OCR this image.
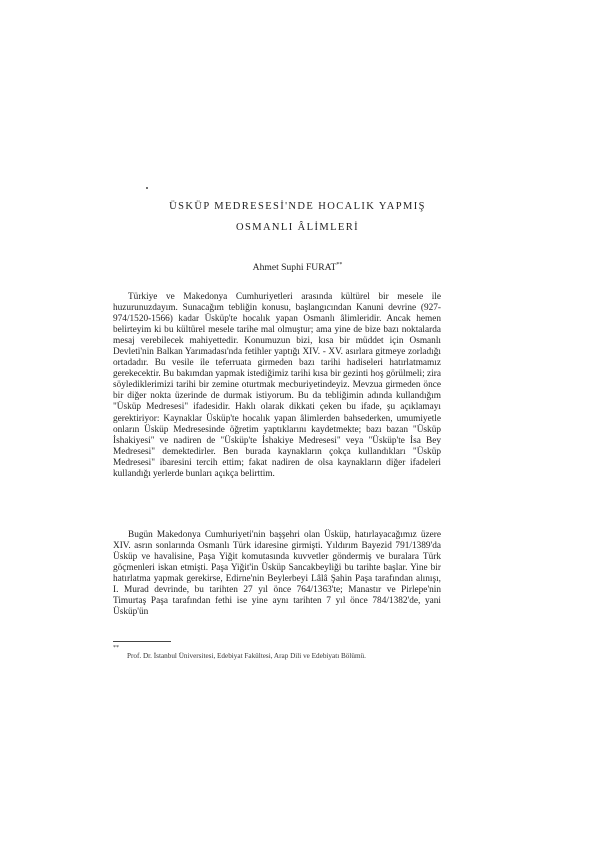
ÜSKÜP MEDRESESİ'NDE HOCALIK YAPMIŞ
OSMANLI ÂLİMLERİ
Ahmet Suphi FURAT**

Türkiye ve Makedonya Cumhuriyetleri arasında kültürel bir mesele ile huzurunuzdayım. Sunacağım tebliğin konusu, başlangıcından Kanuni devrine (927-974/1520-1566) kadar Üsküp'te hocalık yapan Osmanlı âlimleridir. Ancak hemen belirteyim ki bu kültürel mesele tarihe mal olmuştur; ama yine de bize bazı noktalarda mesaj verebilecek mahiyettedir. Konumuzun bizi, kısa bir müddet için Osmanlı Devleti'nin Balkan Yarımadası'nda fetihler yaptığı XIV. - XV. asırlara gitmeye zorladığı ortadadır. Bu vesile ile teferruata girmeden bazı tarihi hadiseleri hatırlatmamız gerekecektir. Bu bakımdan yapmak istediğimiz tarihi kısa bir gezinti hoş görülmeli; zira söylediklerimizi tarihi bir zemine oturtmak mecburiyetindeyiz. Mevzua girmeden önce bir diğer nokta üzerinde de durmak istiyorum. Bu da tebliğimin adında kullandığım "Üsküp Medresesi" ifadesidir. Haklı olarak dikkati çeken bu ifade, şu açıklamayı gerektiriyor: Kaynaklar Üsküp'te hocalık yapan âlimlerden bahsederken, umumiyetle onların Üsküp Medresesinde öğretim yaptıklarını kaydetmekte; bazı bazan "Üsküp İshakiyesi" ve nadiren de "Üsküp'te İshakiye Medresesi" veya "Üsküp'te İsa Bey Medresesi" demektedirler. Ben burada kaynakların çokça kullandıkları "Üsküp Medresesi" ibaresini tercih ettim; fakat nadiren de olsa kaynakların diğer ifadeleri kullandığı yerlerde bunları açıkça belirttim.

Bugün Makedonya Cumhuriyeti'nin başşehri olan Üsküp, hatırlayacağımız üzere XIV. asrın sonlarında Osmanlı Türk idaresine girmişti. Yıldırım Bayezid 791/1389'da Üsküp ve havalisine, Paşa Yiğit komutasında kuvvetler göndermiş ve buralara Türk göçmenleri iskan etmişti. Paşa Yiğit'in Üsküp Sancakbeyliği bu tarihte başlar. Yine bir hatırlatma yapmak gerekirse, Edirne'nin Beylerbeyi Lâlâ Şahin Paşa tarafından alınışı, I. Murad devrinde, bu tarihten 27 yıl önce 764/1363'te; Manastır ve Pirlepe'nin Timurtaş Paşa tarafından fethi ise yine aynı tarihten 7 yıl önce 784/1382'de, yani Üsküp'ün

**
Prof. Dr. İstanbul Üniversitesi, Edebiyat Fakültesi, Arap Dili ve Edebiyatı Bölümü.
